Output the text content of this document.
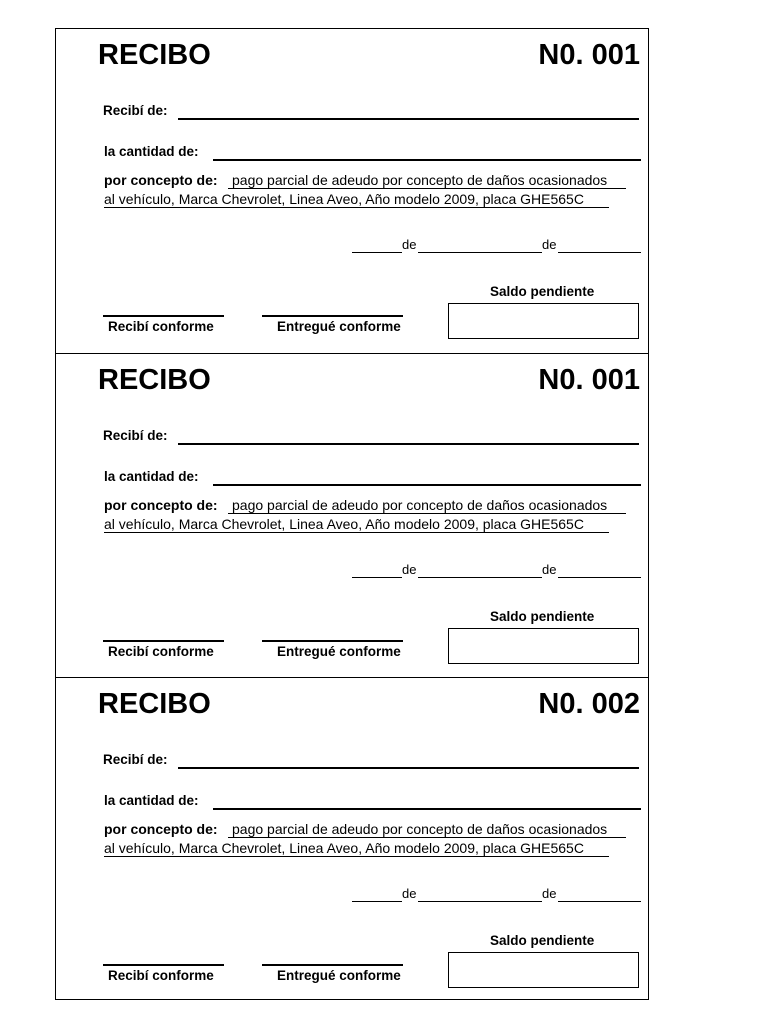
RECIBO	N0. 001
Recibí de:
la cantidad de:
por concepto de: pago parcial de adeudo por concepto de daños ocasionados
al vehículo, Marca Chevrolet, Linea Aveo, Año modelo 2009, placa GHE565C
de	de
Saldo pendiente
Recibí conforme	Entregué conforme
RECIBO	N0. 001
Recibí de:
la cantidad de:
por concepto de: pago parcial de adeudo por concepto de daños ocasionados
al vehículo, Marca Chevrolet, Linea Aveo, Año modelo 2009, placa GHE565C
de	de
Saldo pendiente
Recibí conforme	Entregué conforme
RECIBO	N0. 002
Recibí de:
la cantidad de:
por concepto de: pago parcial de adeudo por concepto de daños ocasionados
al vehículo, Marca Chevrolet, Linea Aveo, Año modelo 2009, placa GHE565C
de	de
Saldo pendiente
Recibí conforme	Entregué conforme
